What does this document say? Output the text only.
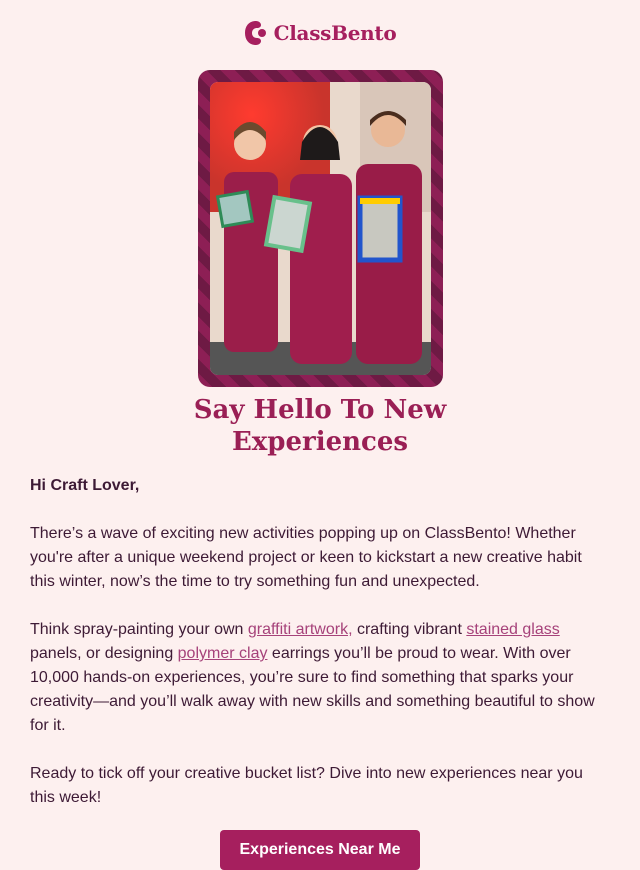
ClassBento
Say Hello To New
Experiences

Hi Craft Lover,

There’s a wave of exciting new activities popping up on ClassBento! Whether you're after a unique weekend project or keen to kickstart a new creative habit this winter, now’s the time to try something fun and unexpected.

Think spray-painting your own graffiti artwork, crafting vibrant stained glass panels, or designing polymer clay earrings you’ll be proud to wear. With over 10,000 hands-on experiences, you’re sure to find something that sparks your creativity—and you’ll walk away with new skills and something beautiful to show for it.

Ready to tick off your creative bucket list? Dive into new experiences near you this week!

Experiences Near Me
